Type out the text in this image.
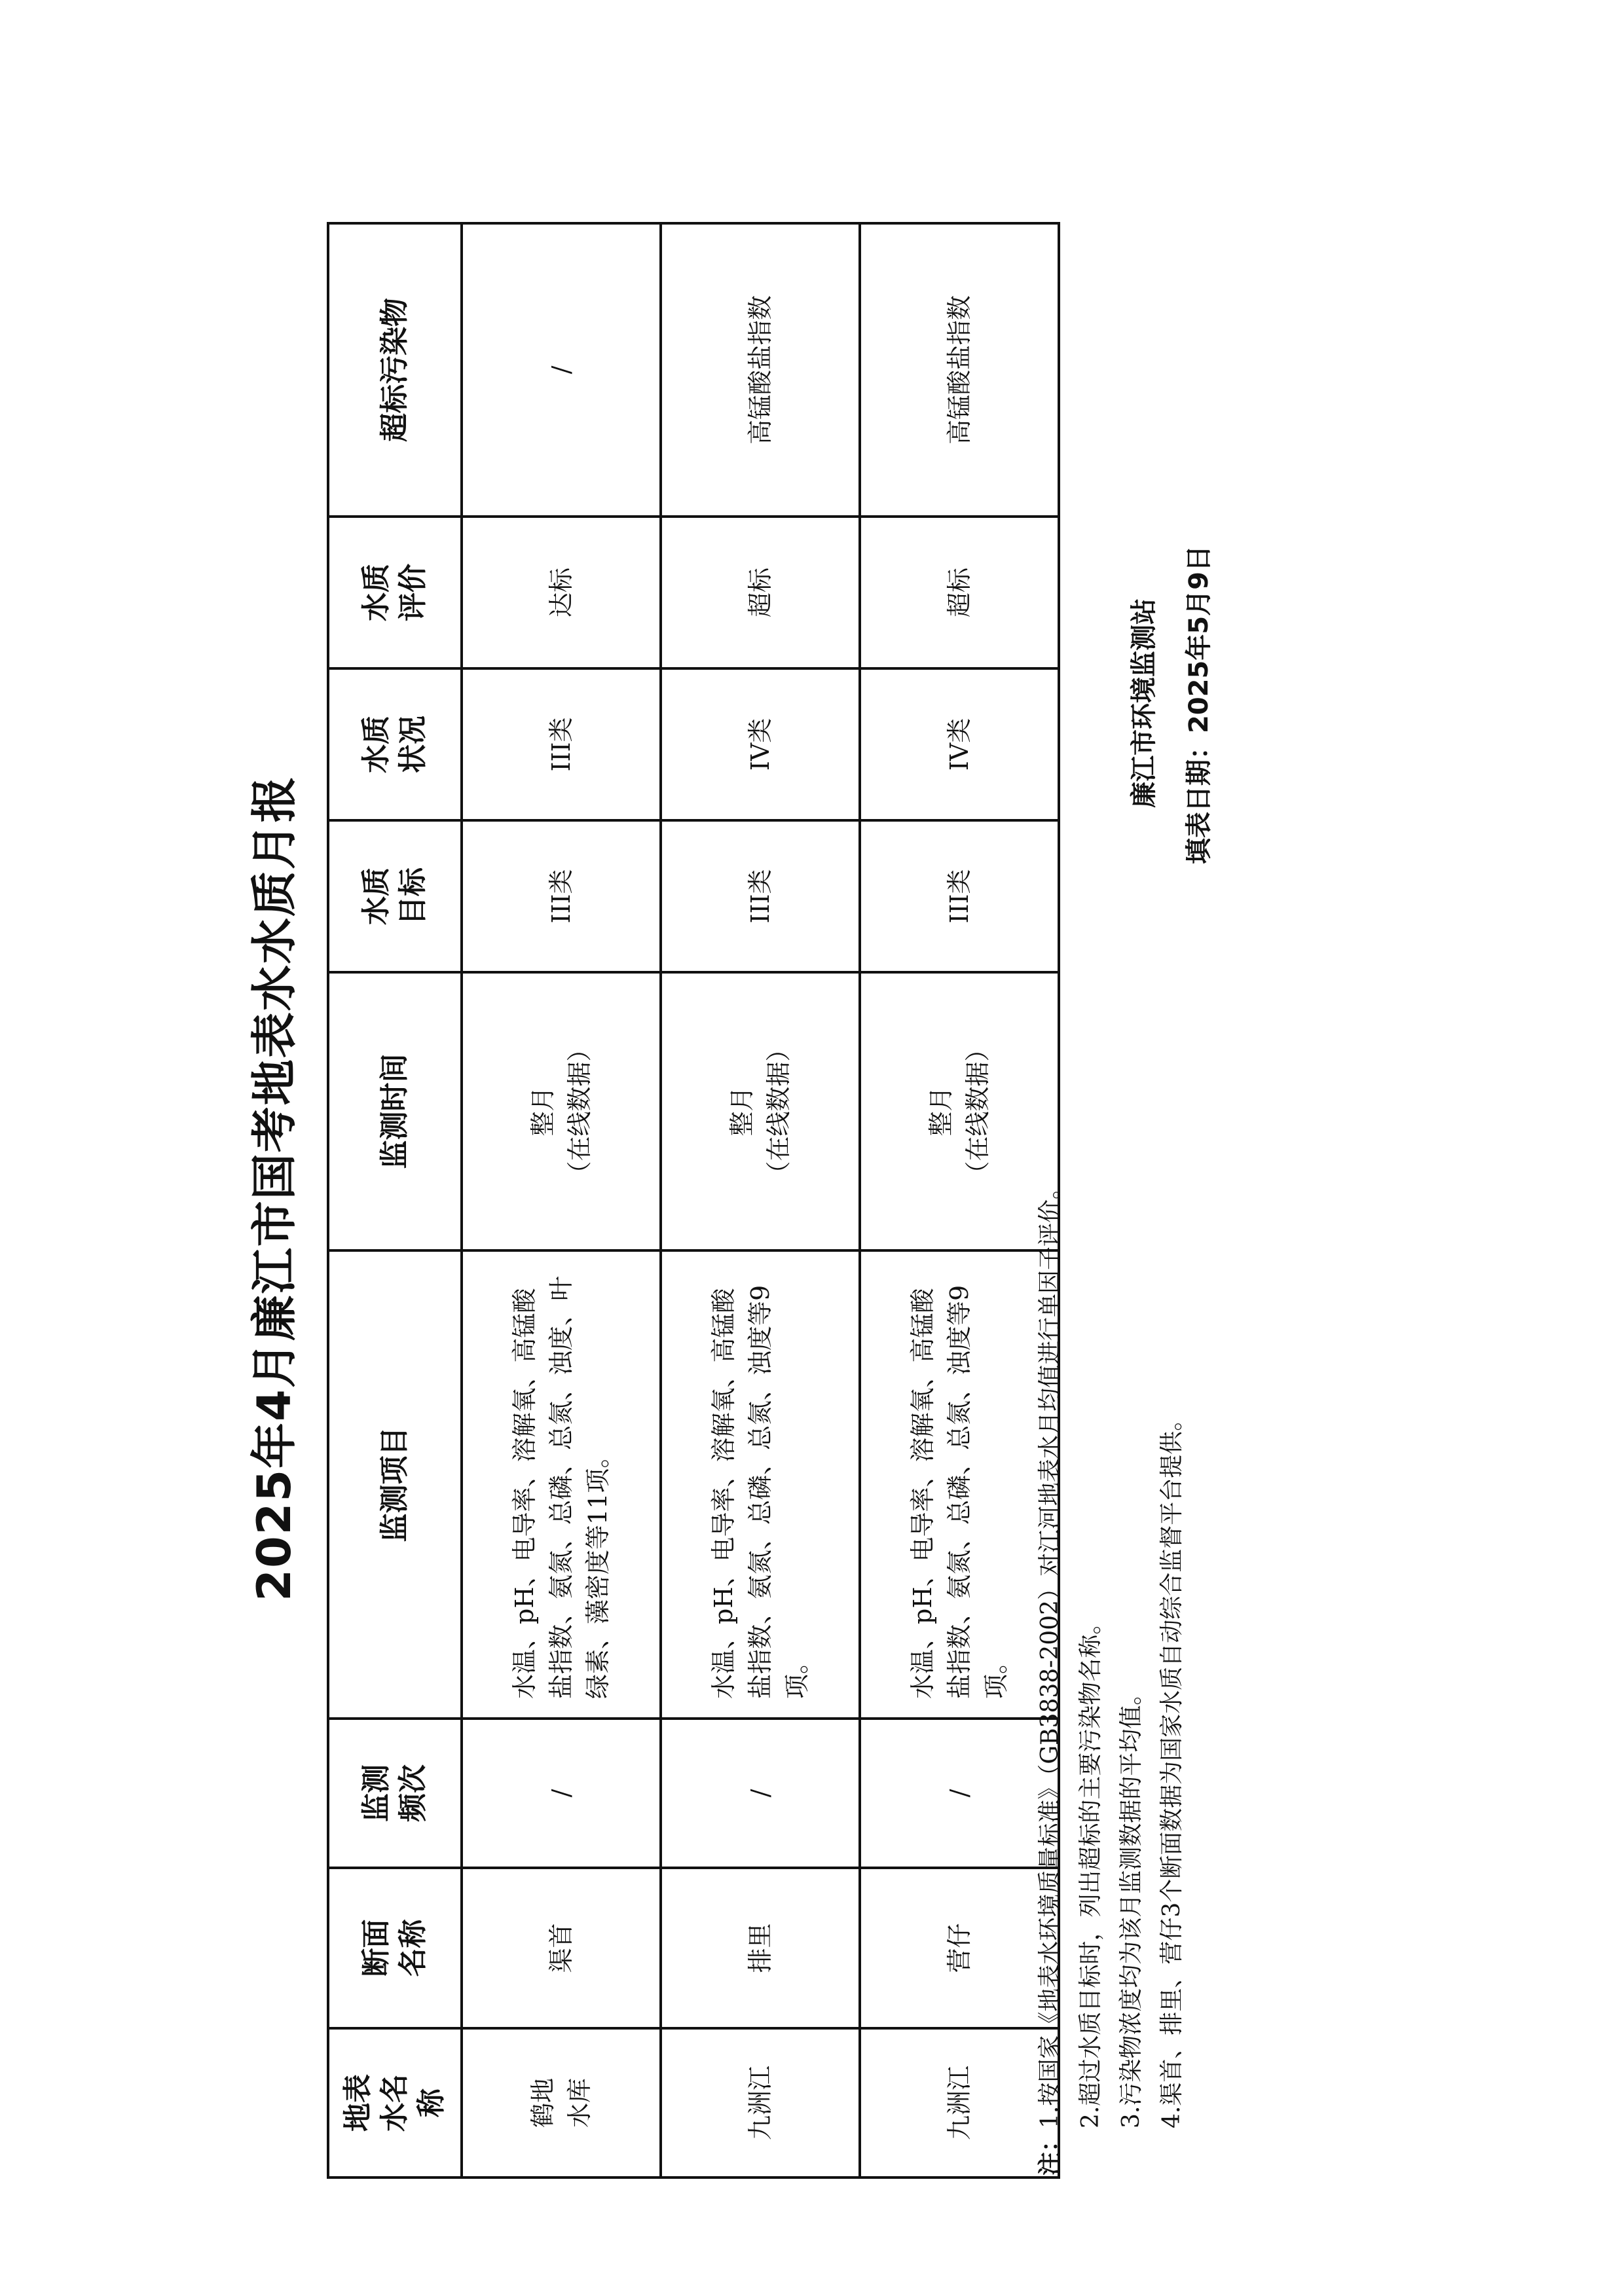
2025年4月廉江市国考地表水水质月报
地表水名称	断面名称	监测频次	监测项目	监测时间	水质目标	水质状况	水质评价	超标污染物
鹤地水库	渠首	/	水温、pH、电导率、溶解氧、高锰酸盐指数、氨氮、总磷、总氮、浊度、叶绿素、藻密度等11项。	整月 （在线数据）	III类	III类	达标	/
九洲江	排里	/	水温、pH、电导率、溶解氧、高锰酸盐指数、氨氮、总磷、总氮、浊度等9项。	整月 （在线数据）	III类	IV类	超标	高锰酸盐指数
九洲江	营仔	/	水温、pH、电导率、溶解氧、高锰酸盐指数、氨氮、总磷、总氮、浊度等9项。	整月 （在线数据）	III类	IV类	超标	高锰酸盐指数

注：1.按国家《地表水环境质量标准》（GB3838-2002）对江河地表水月均值进行单因子评价。 2.超过水质目标时，列出超标的主要污染物名称。 3.污染物浓度均为该月监测数据的平均值。 4.渠首、排里、营仔3个断面数据为国家水质自动综合监督平台提供。

廉江市环境监测站 填表日期：2025年5月9日
